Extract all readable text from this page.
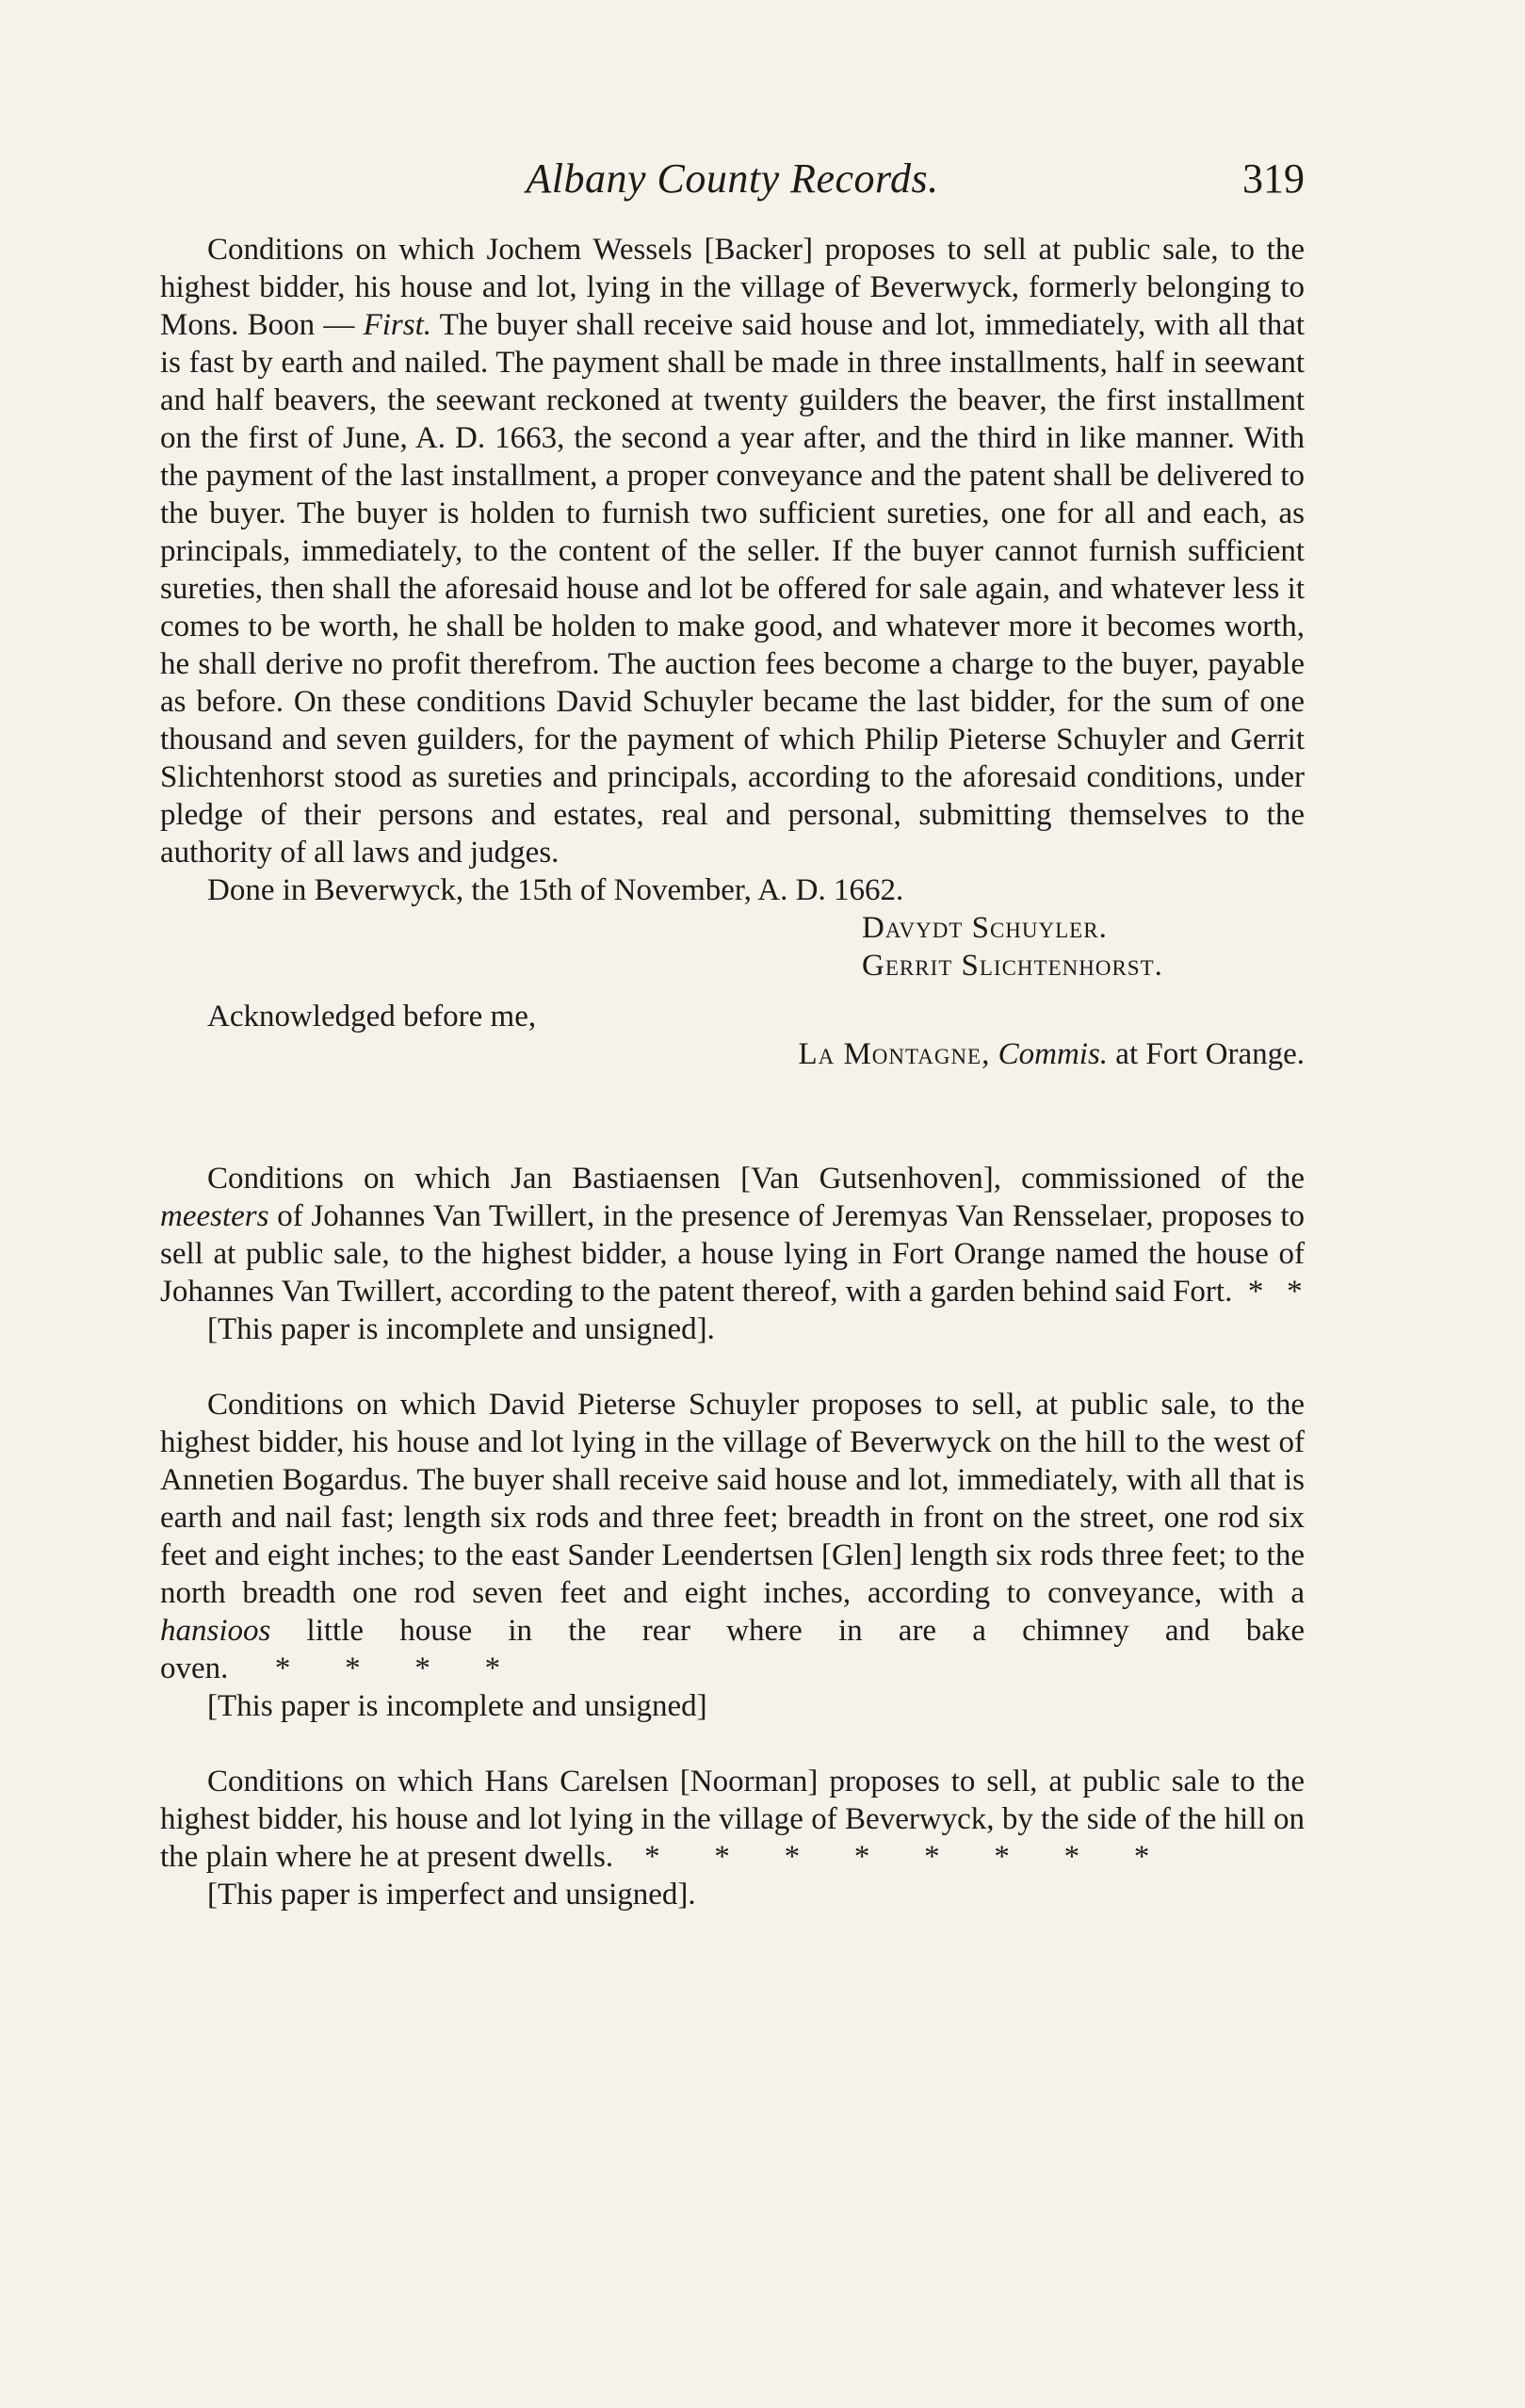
Albany County Records.	319

Conditions on which Jochem Wessels [Backer] proposes to sell at public sale, to the highest bidder, his house and lot, lying in the village of Beverwyck, formerly belonging to Mons. Boon — First. The buyer shall receive said house and lot, immediately, with all that is fast by earth and nailed. The payment shall be made in three installments, half in seewant and half beavers, the seewant reckoned at twenty guilders the beaver, the first installment on the first of June, A. D. 1663, the second a year after, and the third in like manner. With the payment of the last installment, a proper conveyance and the patent shall be delivered to the buyer. The buyer is holden to furnish two sufficient sureties, one for all and each, as principals, immediately, to the content of the seller. If the buyer cannot furnish sufficient sureties, then shall the aforesaid house and lot be offered for sale again, and whatever less it comes to be worth, he shall be holden to make good, and whatever more it becomes worth, he shall derive no profit therefrom. The auction fees become a charge to the buyer, payable as before. On these conditions David Schuyler became the last bidder, for the sum of one thousand and seven guilders, for the payment of which Philip Pieterse Schuyler and Gerrit Slichtenhorst stood as sureties and principals, according to the aforesaid conditions, under pledge of their persons and estates, real and personal, submitting themselves to the authority of all laws and judges.

Done in Beverwyck, the 15th of November, A. D. 1662.

Davydt Schuyler.

Gerrit Slichtenhorst.

Acknowledged before me,

La Montagne, Commis. at Fort Orange.

Conditions on which Jan Bastiaensen [Van Gutsenhoven], commissioned of the meesters of Johannes Van Twillert, in the presence of Jeremyas Van Rensselaer, proposes to sell at public sale, to the highest bidder, a house lying in Fort Orange named the house of Johannes Van Twillert, according to the patent thereof, with a garden behind said Fort. *   *

[This paper is incomplete and unsigned].

Conditions on which David Pieterse Schuyler proposes to sell, at public sale, to the highest bidder, his house and lot lying in the village of Beverwyck on the hill to the west of Annetien Bogardus. The buyer shall receive said house and lot, immediately, with all that is earth and nail fast; length six rods and three feet; breadth in front on the street, one rod six feet and eight inches; to the east Sander Leendertsen [Glen] length six rods three feet; to the north breadth one rod seven feet and eight inches, according to conveyance, with a hansioos little house in the rear where in are a chimney and bake oven. *       *       *       *

[This paper is incomplete and unsigned]

Conditions on which Hans Carelsen [Noorman] proposes to sell, at public sale to the highest bidder, his house and lot lying in the village of Beverwyck, by the side of the hill on the plain where he at present dwells. *       *       *       *       *       *       *       *

[This paper is imperfect and unsigned].
